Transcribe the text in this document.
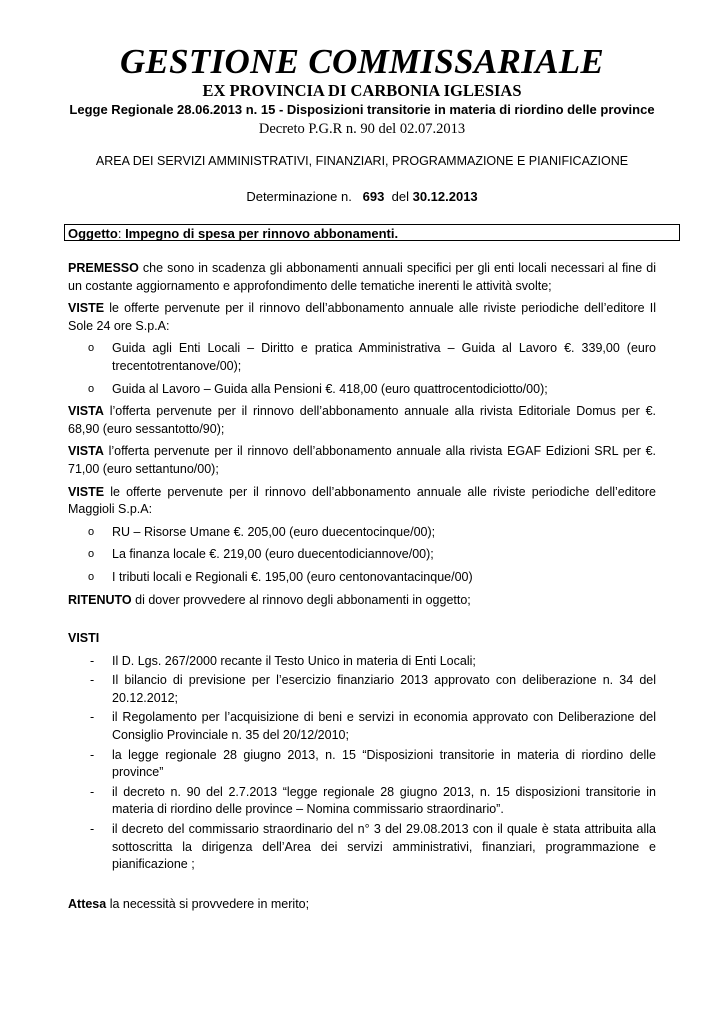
GESTIONE COMMISSARIALE
EX PROVINCIA DI CARBONIA IGLESIAS
Legge Regionale 28.06.2013 n. 15 - Disposizioni transitorie in materia di riordino delle province
Decreto P.G.R n. 90 del 02.07.2013
AREA DEI SERVIZI AMMINISTRATIVI, FINANZIARI, PROGRAMMAZIONE E PIANIFICAZIONE
Determinazione n. 693 del 30.12.2013
Oggetto: Impegno di spesa per rinnovo abbonamenti.

PREMESSO che sono in scadenza gli abbonamenti annuali specifici per gli enti locali necessari al fine di un costante aggiornamento e approfondimento delle tematiche inerenti le attività svolte;

VISTE le offerte pervenute per il rinnovo dell’abbonamento annuale alle riviste periodiche dell’editore Il Sole 24 ore S.p.A:

o Guida agli Enti Locali – Diritto e pratica Amministrativa – Guida al Lavoro €. 339,00 (euro trecentotrentanove/00);
o Guida al Lavoro – Guida alla Pensioni €. 418,00 (euro quattrocentodiciotto/00);

VISTA l’offerta pervenute per il rinnovo dell’abbonamento annuale alla rivista Editoriale Domus per €. 68,90 (euro sessantotto/90);

VISTA l’offerta pervenute per il rinnovo dell’abbonamento annuale alla rivista EGAF Edizioni SRL per €. 71,00 (euro settantuno/00);

VISTE le offerte pervenute per il rinnovo dell’abbonamento annuale alle riviste periodiche dell’editore Maggioli S.p.A:

o RU – Risorse Umane €. 205,00 (euro duecentocinque/00);
o La finanza locale €. 219,00 (euro duecentodiciannove/00);
o I tributi locali e Regionali €. 195,00 (euro centonovantacinque/00)

RITENUTO di dover provvedere al rinnovo degli abbonamenti in oggetto;

VISTI

- Il D. Lgs. 267/2000 recante il Testo Unico in materia di Enti Locali;
- Il bilancio di previsione per l’esercizio finanziario 2013 approvato con deliberazione n. 34 del 20.12.2012;
- il Regolamento per l’acquisizione di beni e servizi in economia approvato con Deliberazione del Consiglio Provinciale n. 35 del 20/12/2010;
- la legge regionale 28 giugno 2013, n. 15 “Disposizioni transitorie in materia di riordino delle province”
- il decreto n. 90 del 2.7.2013 “legge regionale 28 giugno 2013, n. 15 disposizioni transitorie in materia di riordino delle province – Nomina commissario straordinario”.
- il decreto del commissario straordinario del n° 3 del 29.08.2013 con il quale è stata attribuita alla sottoscritta la dirigenza dell’Area dei servizi amministrativi, finanziari, programmazione e pianificazione ;

Attesa la necessità si provvedere in merito;
